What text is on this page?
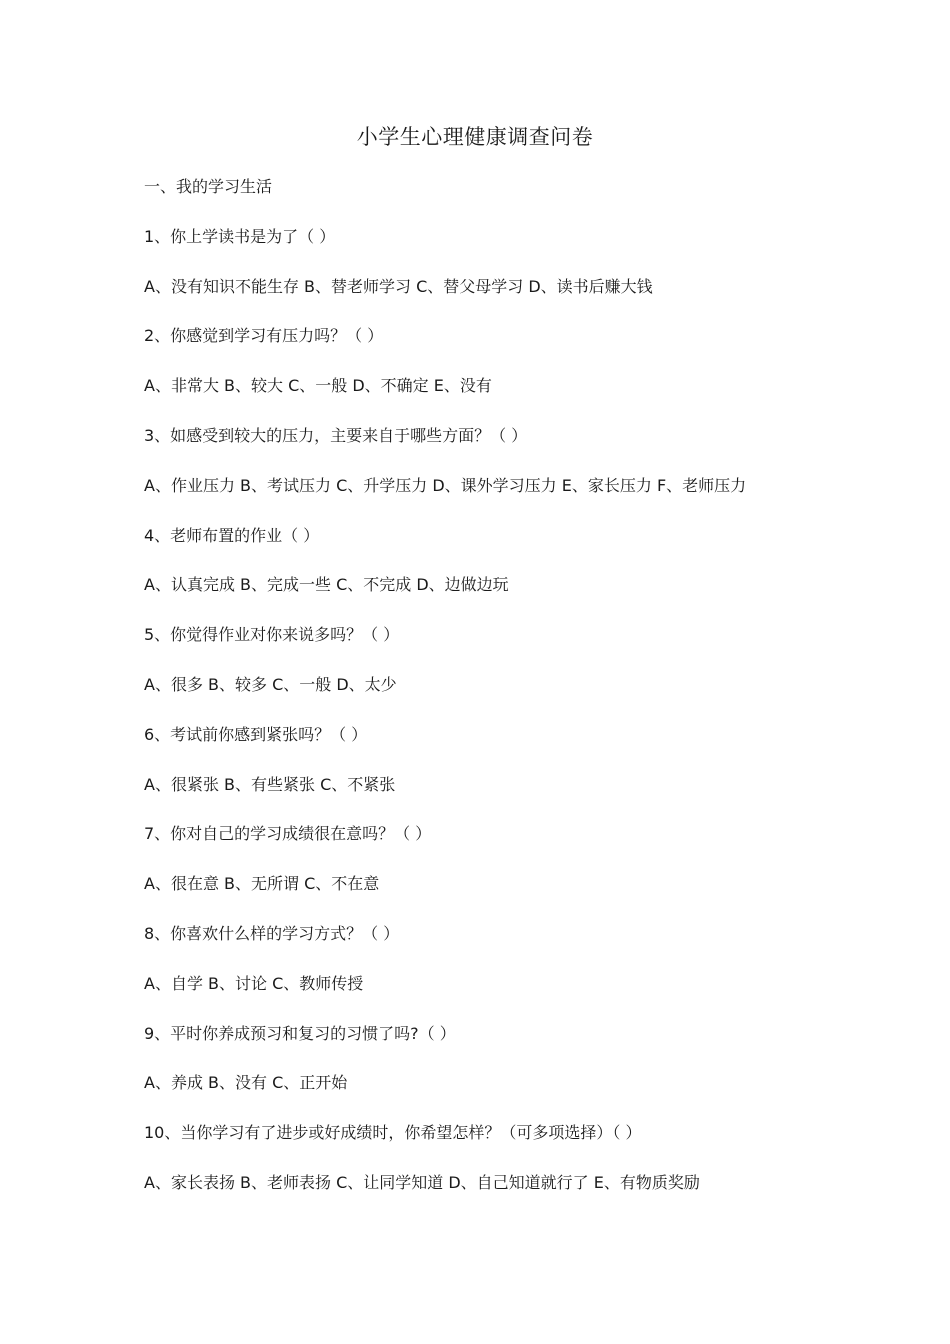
小学生心理健康调查问卷
一、我的学习生活
1、你上学读书是为了（ ）
A、没有知识不能生存 B、替老师学习 C、替父母学习 D、读书后赚大钱
2、你感觉到学习有压力吗？（ ）
A、非常大 B、较大 C、一般 D、不确定 E、没有
3、如感受到较大的压力，主要来自于哪些方面？（ ）
A、作业压力 B、考试压力 C、升学压力 D、课外学习压力 E、家长压力 F、老师压力
4、老师布置的作业（ ）
A、认真完成 B、完成一些 C、不完成 D、边做边玩
5、你觉得作业对你来说多吗？（ ）
A、很多 B、较多 C、一般 D、太少
6、考试前你感到紧张吗？（ ）
A、很紧张 B、有些紧张 C、不紧张
7、你对自己的学习成绩很在意吗？（ ）
A、很在意 B、无所谓 C、不在意
8、你喜欢什么样的学习方式？（ ）
A、自学 B、讨论 C、教师传授
9、平时你养成预习和复习的习惯了吗?（ ）
A、养成 B、没有 C、正开始
10、当你学习有了进步或好成绩时，你希望怎样？（可多项选择）（ ）
A、家长表扬 B、老师表扬 C、让同学知道 D、自己知道就行了 E、有物质奖励
